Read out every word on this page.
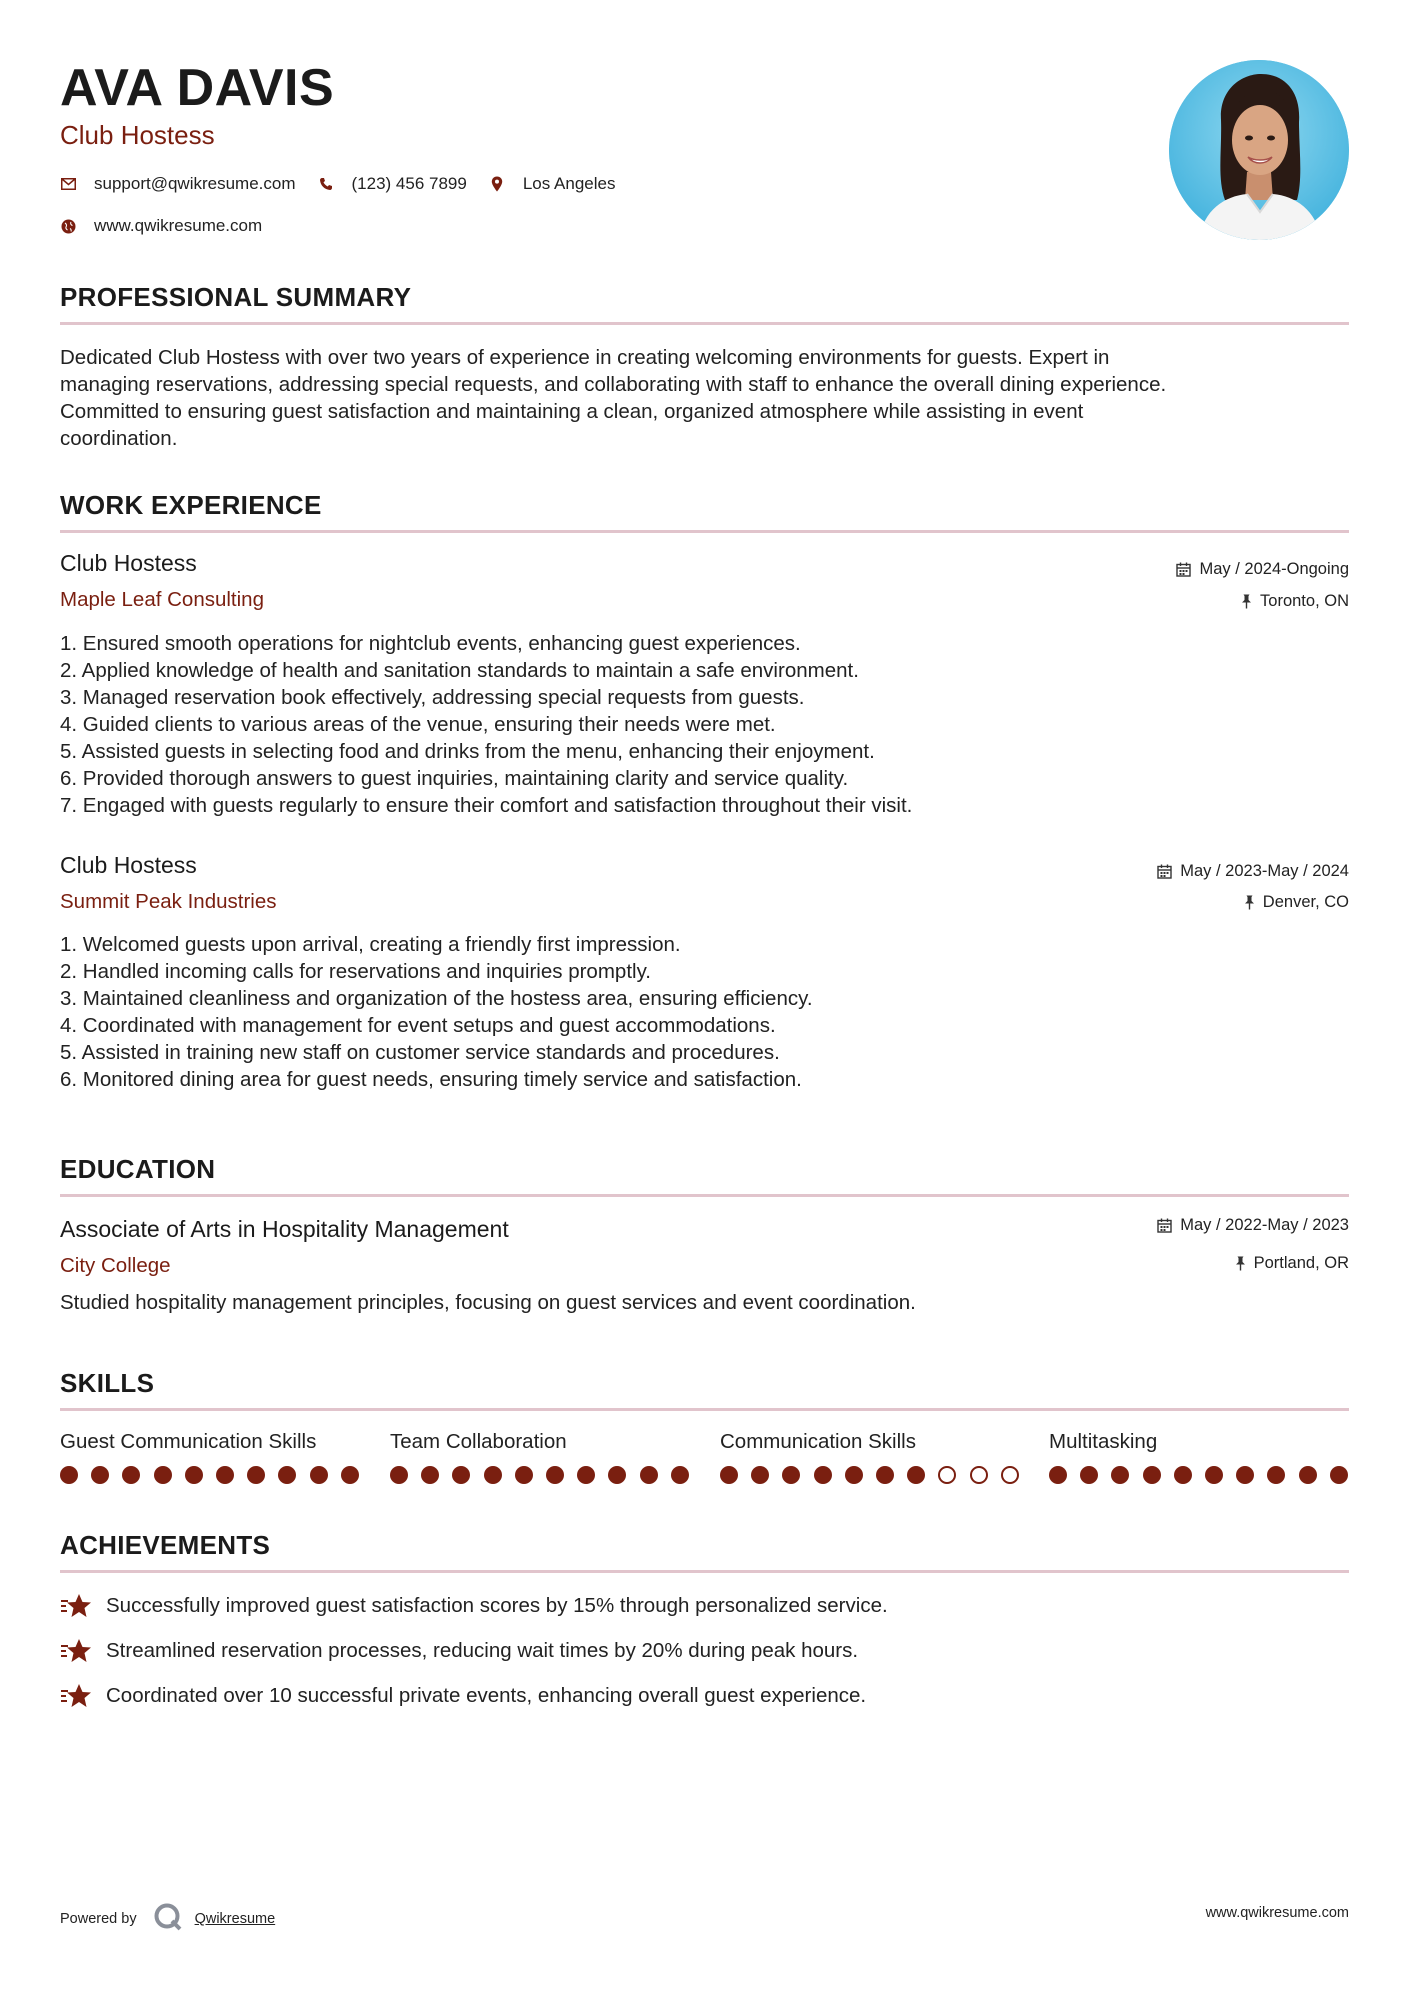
AVA DAVIS
Club Hostess
support@qwikresume.com	(123) 456 7899	Los Angeles
www.qwikresume.com
PROFESSIONAL SUMMARY
Dedicated Club Hostess with over two years of experience in creating welcoming environments for guests. Expert in
managing reservations, addressing special requests, and collaborating with staff to enhance the overall dining experience.
Committed to ensuring guest satisfaction and maintaining a clean, organized atmosphere while assisting in event
coordination.
WORK EXPERIENCE
Club Hostess
Maple Leaf Consulting
May / 2024-Ongoing
Toronto, ON
1. Ensured smooth operations for nightclub events, enhancing guest experiences.
2. Applied knowledge of health and sanitation standards to maintain a safe environment.
3. Managed reservation book effectively, addressing special requests from guests.
4. Guided clients to various areas of the venue, ensuring their needs were met.
5. Assisted guests in selecting food and drinks from the menu, enhancing their enjoyment.
6. Provided thorough answers to guest inquiries, maintaining clarity and service quality.
7. Engaged with guests regularly to ensure their comfort and satisfaction throughout their visit.
Club Hostess
Summit Peak Industries
May / 2023-May / 2024
Denver, CO
1. Welcomed guests upon arrival, creating a friendly first impression.
2. Handled incoming calls for reservations and inquiries promptly.
3. Maintained cleanliness and organization of the hostess area, ensuring efficiency.
4. Coordinated with management for event setups and guest accommodations.
5. Assisted in training new staff on customer service standards and procedures.
6. Monitored dining area for guest needs, ensuring timely service and satisfaction.
EDUCATION
Associate of Arts in Hospitality Management
City College
May / 2022-May / 2023
Portland, OR
Studied hospitality management principles, focusing on guest services and event coordination.
SKILLS
Guest Communication Skills	Team Collaboration	Communication Skills	Multitasking
ACHIEVEMENTS
Successfully improved guest satisfaction scores by 15% through personalized service.
Streamlined reservation processes, reducing wait times by 20% during peak hours.
Coordinated over 10 successful private events, enhancing overall guest experience.
Powered by	Qwikresume	www.qwikresume.com
